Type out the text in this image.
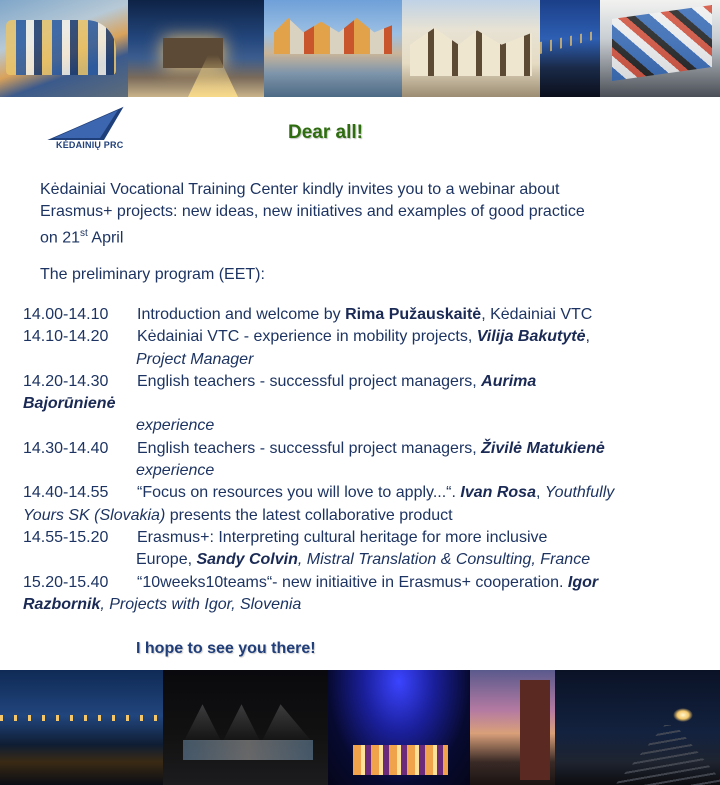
KĖDAINIŲ PRC
Dear all!
Kėdainiai Vocational Training Center kindly invites you to a webinar about
Erasmus+ projects: new ideas, new initiatives and examples of good practice
on 21st April
The preliminary program (EET):
14.00-14.10 Introduction and welcome by Rima Pužauskaitė, Kėdainiai VTC
14.10-14.20 Kėdainiai VTC - experience in mobility projects, Vilija Bakutytė,
Project Manager
14.20-14.30 English teachers - successful project managers, Aurima
Bajorūnienė
experience
14.30-14.40 English teachers - successful project managers, Živilė Matukienė
experience
14.40-14.55 “Focus on resources you will love to apply...“. Ivan Rosa, Youthfully
Yours SK (Slovakia) presents the latest collaborative product
14.55-15.20 Erasmus+: Interpreting cultural heritage for more inclusive
Europe, Sandy Colvin, Mistral Translation & Consulting, France
15.20-15.40 “10weeks10teams“- new initiaitive in Erasmus+ cooperation. Igor
Razbornik, Projects with Igor, Slovenia
I hope to see you there!
